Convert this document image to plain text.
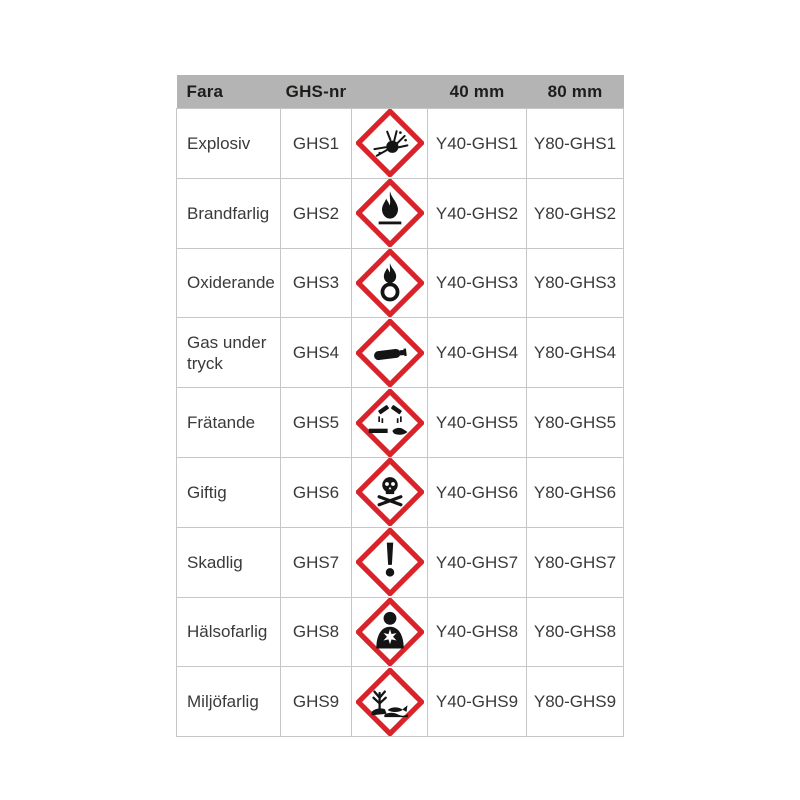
Fara	GHS-nr		40 mm	80 mm
Explosiv	GHS1		Y40-GHS1	Y80-GHS1
Brandfarlig	GHS2		Y40-GHS2	Y80-GHS2
Oxiderande	GHS3		Y40-GHS3	Y80-GHS3
Gas under tryck	GHS4		Y40-GHS4	Y80-GHS4
Frätande	GHS5		Y40-GHS5	Y80-GHS5
Giftig	GHS6		Y40-GHS6	Y80-GHS6
Skadlig	GHS7		Y40-GHS7	Y80-GHS7
Hälsofarlig	GHS8		Y40-GHS8	Y80-GHS8
Miljöfarlig	GHS9		Y40-GHS9	Y80-GHS9
